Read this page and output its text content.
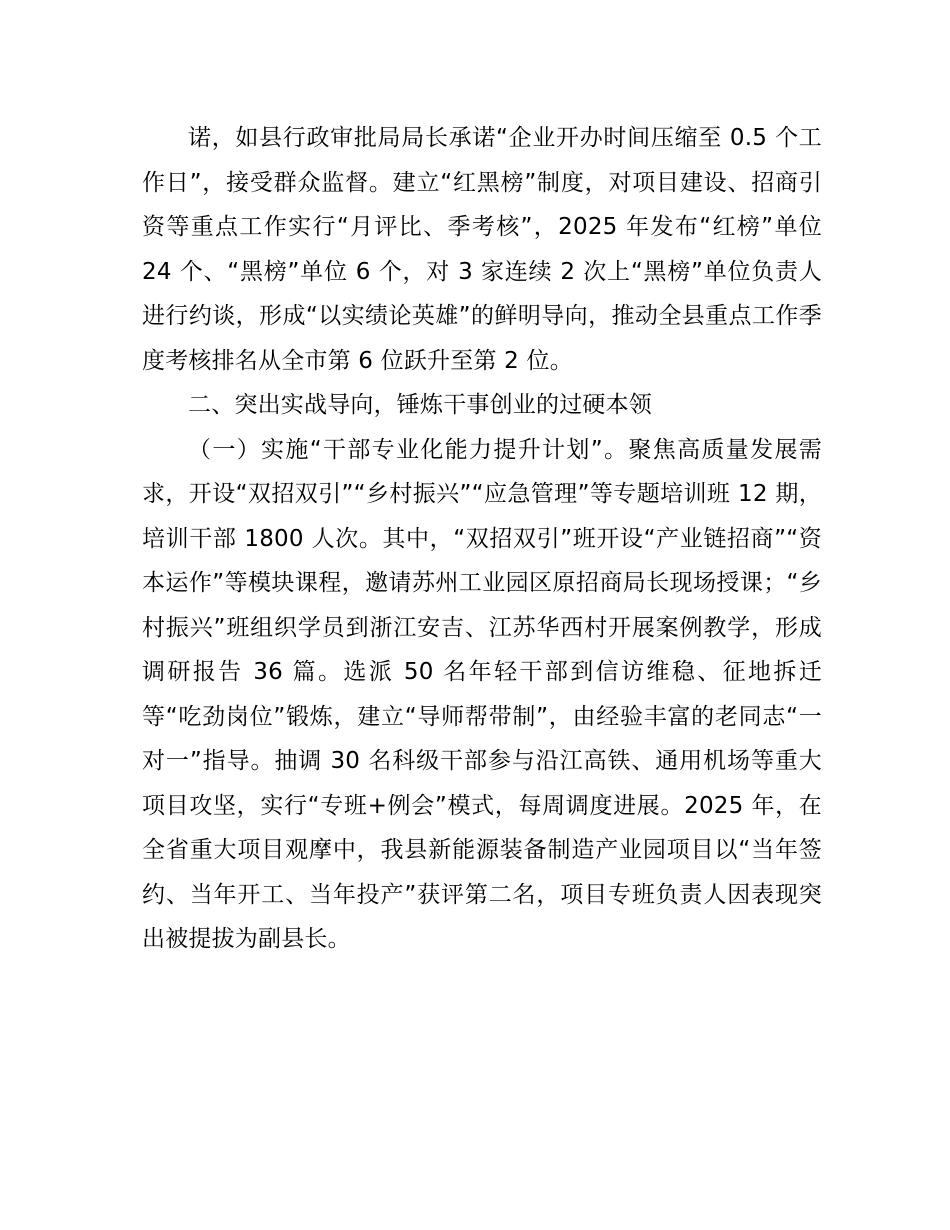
诺，如县行政审批局局长承诺“企业开办时间压缩至 0.5 个工作日”，接受群众监督。建立“红黑榜”制度，对项目建设、招商引资等重点工作实行“月评比、季考核”，2025 年发布“红榜”单位 24 个、“黑榜”单位 6 个，对 3 家连续 2 次上“黑榜”单位负责人进行约谈，形成“以实绩论英雄”的鲜明导向，推动全县重点工作季度考核排名从全市第 6 位跃升至第 2 位。

二、突出实战导向，锤炼干事创业的过硬本领

（一）实施“干部专业化能力提升计划”。聚焦高质量发展需求，开设“双招双引”“乡村振兴”“应急管理”等专题培训班 12 期，培训干部 1800 人次。其中，“双招双引”班开设“产业链招商”“资本运作”等模块课程，邀请苏州工业园区原招商局长现场授课；“乡村振兴”班组织学员到浙江安吉、江苏华西村开展案例教学，形成调研报告 36 篇。选派 50 名年轻干部到信访维稳、征地拆迁等“吃劲岗位”锻炼，建立“导师帮带制”，由经验丰富的老同志“一对一”指导。抽调 30 名科级干部参与沿江高铁、通用机场等重大项目攻坚，实行“专班+例会”模式，每周调度进展。2025 年，在全省重大项目观摩中，我县新能源装备制造产业园项目以“当年签约、当年开工、当年投产”获评第二名，项目专班负责人因表现突出被提拔为副县长。
